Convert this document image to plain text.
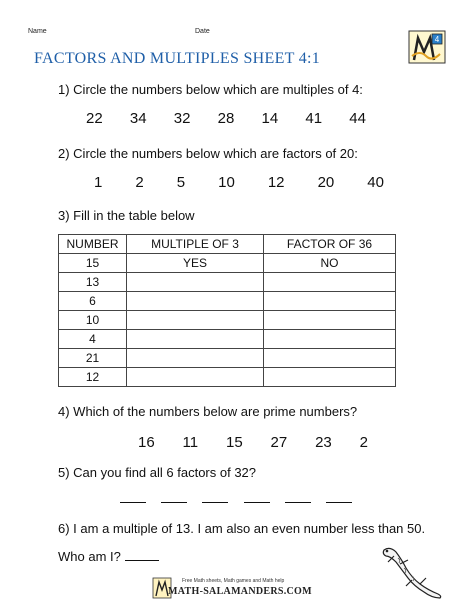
Name	Date
4
FACTORS AND MULTIPLES SHEET 4:1
1) Circle the numbers below which are multiples of 4:
22 34 32 28 14 41 44
2) Circle the numbers below which are factors of 20:
1 2 5 10 12 20 40
3) Fill in the table below
NUMBER	MULTIPLE OF 3	FACTOR OF 36
15	YES	NO
13		
6		
10		
4		
21		
12		
4) Which of the numbers below are prime numbers?
16 11 15 27 23 2
5) Can you find all 6 factors of 32?
6) I am a multiple of 13. I am also an even number less than 50.
Who am I?
Free Math sheets, Math games and Math help
MATH-SALAMANDERS.COM
